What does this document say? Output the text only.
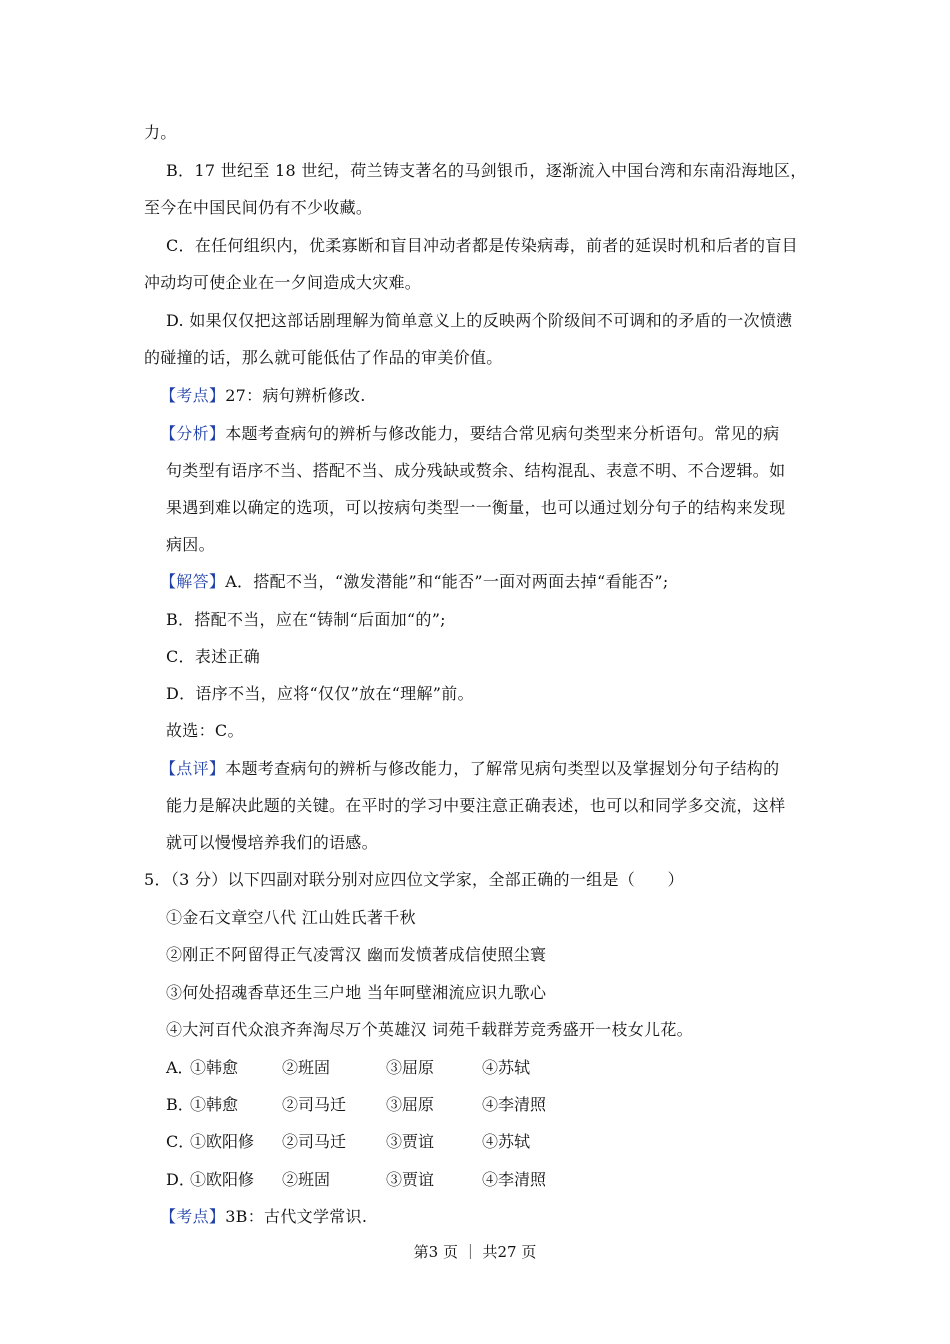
力。
B．17 世纪至 18 世纪，荷兰铸支著名的马剑银币，逐渐流入中国台湾和东南沿海地区，
至今在中国民间仍有不少收藏。
C．在任何组织内，优柔寡断和盲目冲动者都是传染病毒，前者的延误时机和后者的盲目
冲动均可使企业在一夕间造成大灾难。
D. 如果仅仅把这部话剧理解为简单意义上的反映两个阶级间不可调和的矛盾的一次愤懑
的碰撞的话，那么就可能低估了作品的审美价值。
【考点】27：病句辨析修改.
【分析】本题考查病句的辨析与修改能力，要结合常见病句类型来分析语句。常见的病
句类型有语序不当、搭配不当、成分残缺或赘余、结构混乱、表意不明、不合逻辑。如
果遇到难以确定的选项，可以按病句类型一一衡量，也可以通过划分句子的结构来发现
病因。
【解答】A．搭配不当，“激发潜能”和“能否”一面对两面去掉“看能否”;
B．搭配不当，应在“铸制“后面加“的”;
C．表述正确
D．语序不当，应将“仅仅”放在“理解”前。
故选：C。
【点评】本题考查病句的辨析与修改能力，了解常见病句类型以及掌握划分句子结构的
能力是解决此题的关键。在平时的学习中要注意正确表述，也可以和同学多交流，这样
就可以慢慢培养我们的语感。
5．（3 分）以下四副对联分别对应四位文学家，全部正确的一组是（　　）
①金石文章空八代 江山姓氏著千秋
②刚正不阿留得正气凌霄汉 幽而发愤著成信使照尘寰
③何处招魂香草还生三户地 当年呵壁湘流应识九歌心
④大河百代众浪齐奔淘尽万个英雄汉 词苑千载群芳竞秀盛开一枝女儿花。
A．
①韩愈	②班固	③屈原	④苏轼
B．
①韩愈	②司马迁 ③屈原	④李清照
C．
①欧阳修 ②司马迁 ③贾谊	④苏轼
D．
①欧阳修 ②班固	③贾谊	④李清照
【考点】3B：古代文学常识.
第3 页 ｜ 共27 页
